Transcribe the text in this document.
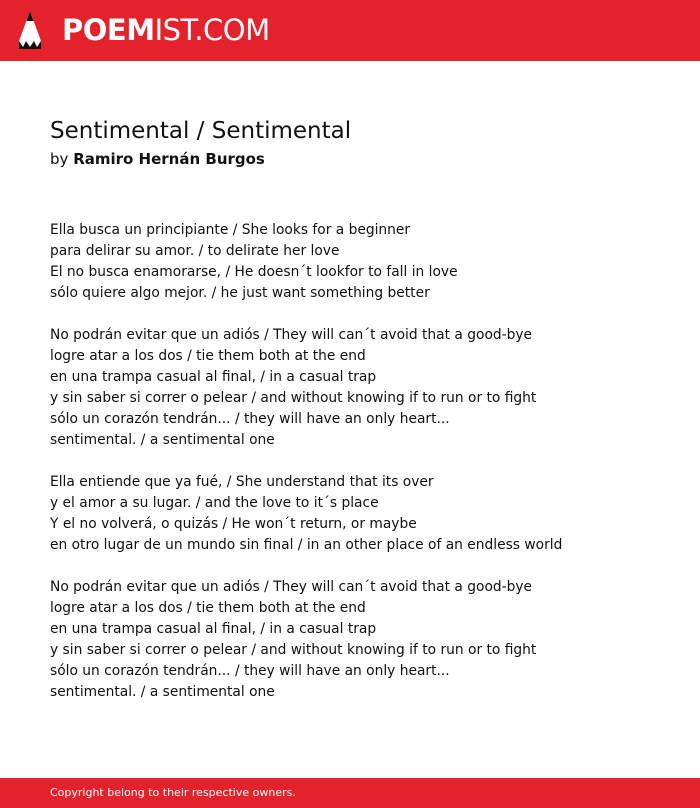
POEMIST.COM
Sentimental / Sentimental
by Ramiro Hernán Burgos
Ella busca un principiante / She looks for a beginner
para delirar su amor. / to delirate her love
El no busca enamorarse, / He doesn´t lookfor to fall in love
sólo quiere algo mejor. / he just want something better
No podrán evitar que un adiós / They will can´t avoid that a good-bye
logre atar a los dos / tie them both at the end
en una trampa casual al final, / in a casual trap
y sin saber si correr o pelear / and without knowing if to run or to fight
sólo un corazón tendrán... / they will have an only heart...
sentimental. / a sentimental one
Ella entiende que ya fué, / She understand that its over
y el amor a su lugar. / and the love to it´s place
Y el no volverá, o quizás / He won´t return, or maybe
en otro lugar de un mundo sin final / in an other place of an endless world
No podrán evitar que un adiós / They will can´t avoid that a good-bye
logre atar a los dos / tie them both at the end
en una trampa casual al final, / in a casual trap
y sin saber si correr o pelear / and without knowing if to run or to fight
sólo un corazón tendrán... / they will have an only heart...
sentimental. / a sentimental one
Copyright belong to their respective owners.
